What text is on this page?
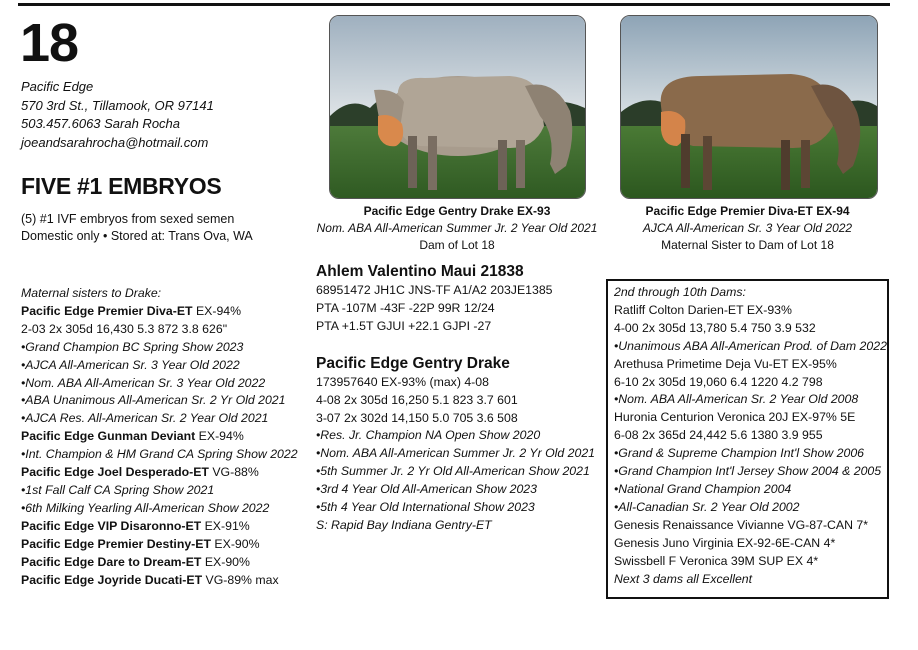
18
Pacific Edge
570 3rd St., Tillamook, OR 97141
503.457.6063 Sarah Rocha
joeandsarahrocha@hotmail.com
FIVE #1 EMBRYOS
(5) #1 IVF embryos from sexed semen
Domestic only • Stored at: Trans Ova, WA
Pacific Edge Gentry Drake EX-93
Nom. ABA All-American Summer Jr. 2 Year Old 2021
Dam of Lot 18
Pacific Edge Premier Diva-ET EX-94
AJCA All-American Sr. 3 Year Old 2022
Maternal Sister to Dam of Lot 18
Maternal sisters to Drake:
Pacific Edge Premier Diva-ET EX-94%
2-03 2x 305d 16,430 5.3 872 3.8 626"
•Grand Champion BC Spring Show 2023
•AJCA All-American Sr. 3 Year Old 2022
•Nom. ABA All-American Sr. 3 Year Old 2022
•ABA Unanimous All-American Sr. 2 Yr Old 2021
•AJCA Res. All-American Sr. 2 Year Old 2021
Pacific Edge Gunman Deviant EX-94%
•Int. Champion & HM Grand CA Spring Show 2022
Pacific Edge Joel Desperado-ET VG-88%
•1st Fall Calf CA Spring Show 2021
•6th Milking Yearling All-American Show 2022
Pacific Edge VIP Disaronno-ET EX-91%
Pacific Edge Premier Destiny-ET EX-90%
Pacific Edge Dare to Dream-ET EX-90%
Pacific Edge Joyride Ducati-ET VG-89% max
Ahlem Valentino Maui 21838
68951472 JH1C JNS-TF A1/A2 203JE1385
PTA -107M -43F -22P 99R 12/24
PTA +1.5T GJUI +22.1 GJPI -27
Pacific Edge Gentry Drake
173957640 EX-93% (max) 4-08
4-08 2x 305d 16,250 5.1 823 3.7 601
3-07 2x 302d 14,150 5.0 705 3.6 508
•Res. Jr. Champion NA Open Show 2020
•Nom. ABA All-American Summer Jr. 2 Yr Old 2021
•5th Summer Jr. 2 Yr Old All-American Show 2021
•3rd 4 Year Old All-American Show 2023
•5th 4 Year Old International Show 2023
S: Rapid Bay Indiana Gentry-ET
2nd through 10th Dams:
Ratliff Colton Darien-ET EX-93%
4-00 2x 305d 13,780 5.4 750 3.9 532
•Unanimous ABA All-American Prod. of Dam 2022
Arethusa Primetime Deja Vu-ET EX-95%
6-10 2x 305d 19,060 6.4 1220 4.2 798
•Nom. ABA All-American Sr. 2 Year Old 2008
Huronia Centurion Veronica 20J EX-97% 5E
6-08 2x 365d 24,442 5.6 1380 3.9 955
•Grand & Supreme Champion Int'l Show 2006
•Grand Champion Int'l Jersey Show 2004 & 2005
•National Grand Champion 2004
•All-Canadian Sr. 2 Year Old 2002
Genesis Renaissance Vivianne VG-87-CAN 7*
Genesis Juno Virginia EX-92-6E-CAN 4*
Swissbell F Veronica 39M SUP EX 4*
Next 3 dams all Excellent
